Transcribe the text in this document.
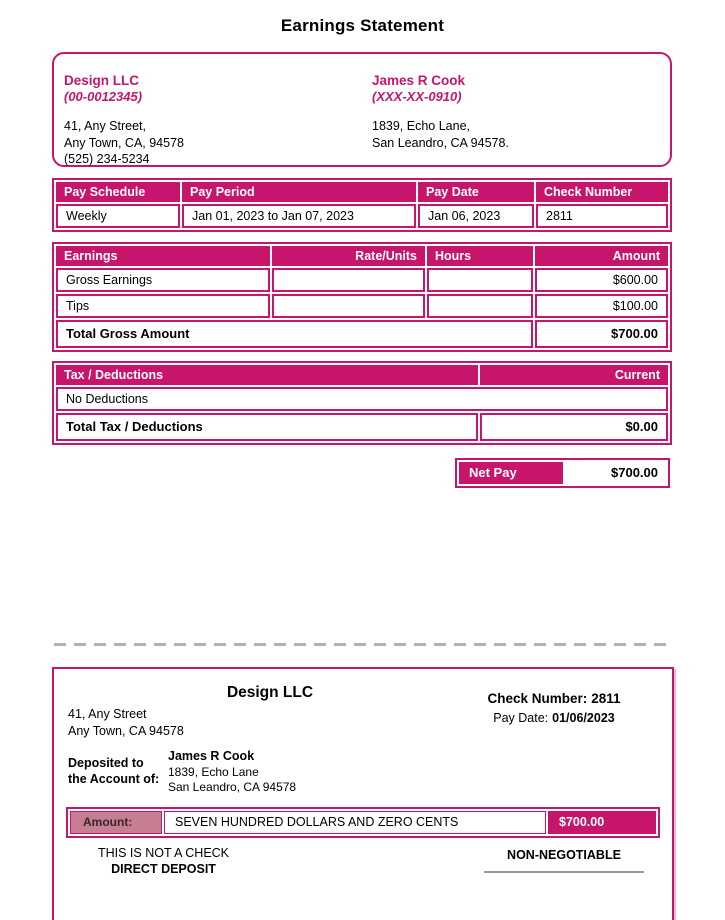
Earnings Statement
Design LLC
(00-0012345)
41, Any Street,
Any Town, CA, 94578
(525) 234-5234
James R Cook
(XXX-XX-0910)
1839, Echo Lane,
San Leandro, CA 94578.
Pay Schedule	Pay Period	Pay Date	Check Number
Weekly	Jan 01, 2023 to Jan 07, 2023	Jan 06, 2023	2811
Earnings	Rate/Units	Hours	Amount
Gross Earnings			$600.00
Tips			$100.00
Total Gross Amount			$700.00
Tax / Deductions	Current
No Deductions	
Total Tax / Deductions	$0.00
Net Pay	$700.00
Design LLC
41, Any Street
Any Town, CA 94578
Check Number: 2811
Pay Date: 01/06/2023
Deposited to
the Account of:
James R Cook
1839, Echo Lane
San Leandro, CA 94578
Amount:	SEVEN HUNDRED DOLLARS AND ZERO CENTS	$700.00
THIS IS NOT A CHECK
DIRECT DEPOSIT
NON-NEGOTIABLE
